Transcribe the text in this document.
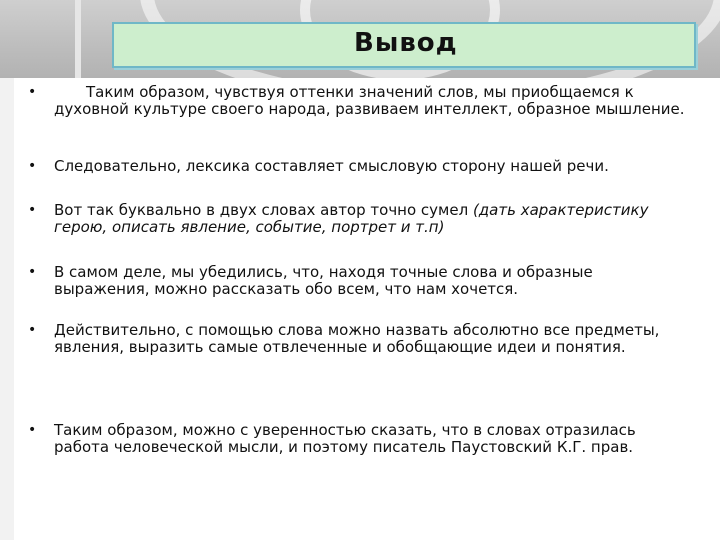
Вывод
•	Таким образом, чувствуя оттенки значений слов, мы приобщаемся к духовной культуре своего народа, развиваем интеллект, образное мышление.
• Следовательно, лексика составляет смысловую сторону нашей речи.
• Вот так буквально в двух словах автор точно сумел (дать характеристику герою, описать явление, событие, портрет и т.п)
• В самом деле, мы убедились, что, находя точные слова и образные выражения, можно рассказать обо всем, что нам хочется.
• Действительно, с помощью слова можно назвать абсолютно все предметы, явления, выразить самые отвлеченные и обобщающие идеи и понятия.
• Таким образом, можно с уверенностью сказать, что в словах отразилась работа человеческой мысли, и поэтому писатель Паустовский К.Г. прав.
